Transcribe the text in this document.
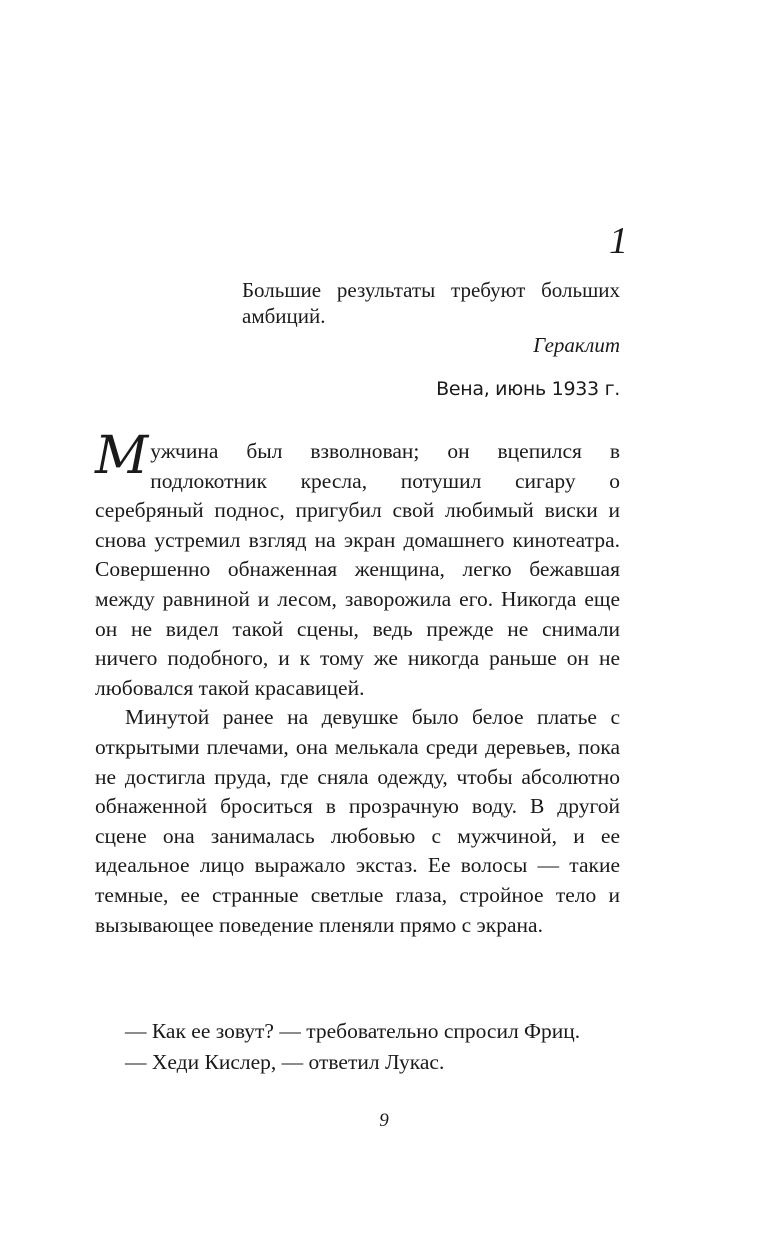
1

Большие результаты требуют больших амбиций.

Гераклит

Вена, июнь 1933 г.

Мужчина был взволнован; он вцепился в подлокотник кресла, потушил сигару о серебряный поднос, пригубил свой любимый виски и снова устремил взгляд на экран домашнего кинотеатра. Совершенно обнаженная женщина, легко бежавшая между равниной и лесом, заворожила его. Никогда еще он не видел такой сцены, ведь прежде не снимали ничего подобного, и к тому же никогда раньше он не любовался такой красавицей.

Минутой ранее на девушке было белое платье с открытыми плечами, она мелькала среди деревьев, пока не достигла пруда, где сняла одежду, чтобы абсолютно обнаженной броситься в прозрачную воду. В другой сцене она занималась любовью с мужчиной, и ее идеальное лицо выражало экстаз. Ее волосы — такие темные, ее странные светлые глаза, стройное тело и вызывающее поведение пленяли прямо с экрана.

— Как ее зовут? — требовательно спросил Фриц.

— Хеди Кислер, — ответил Лукас.

9
